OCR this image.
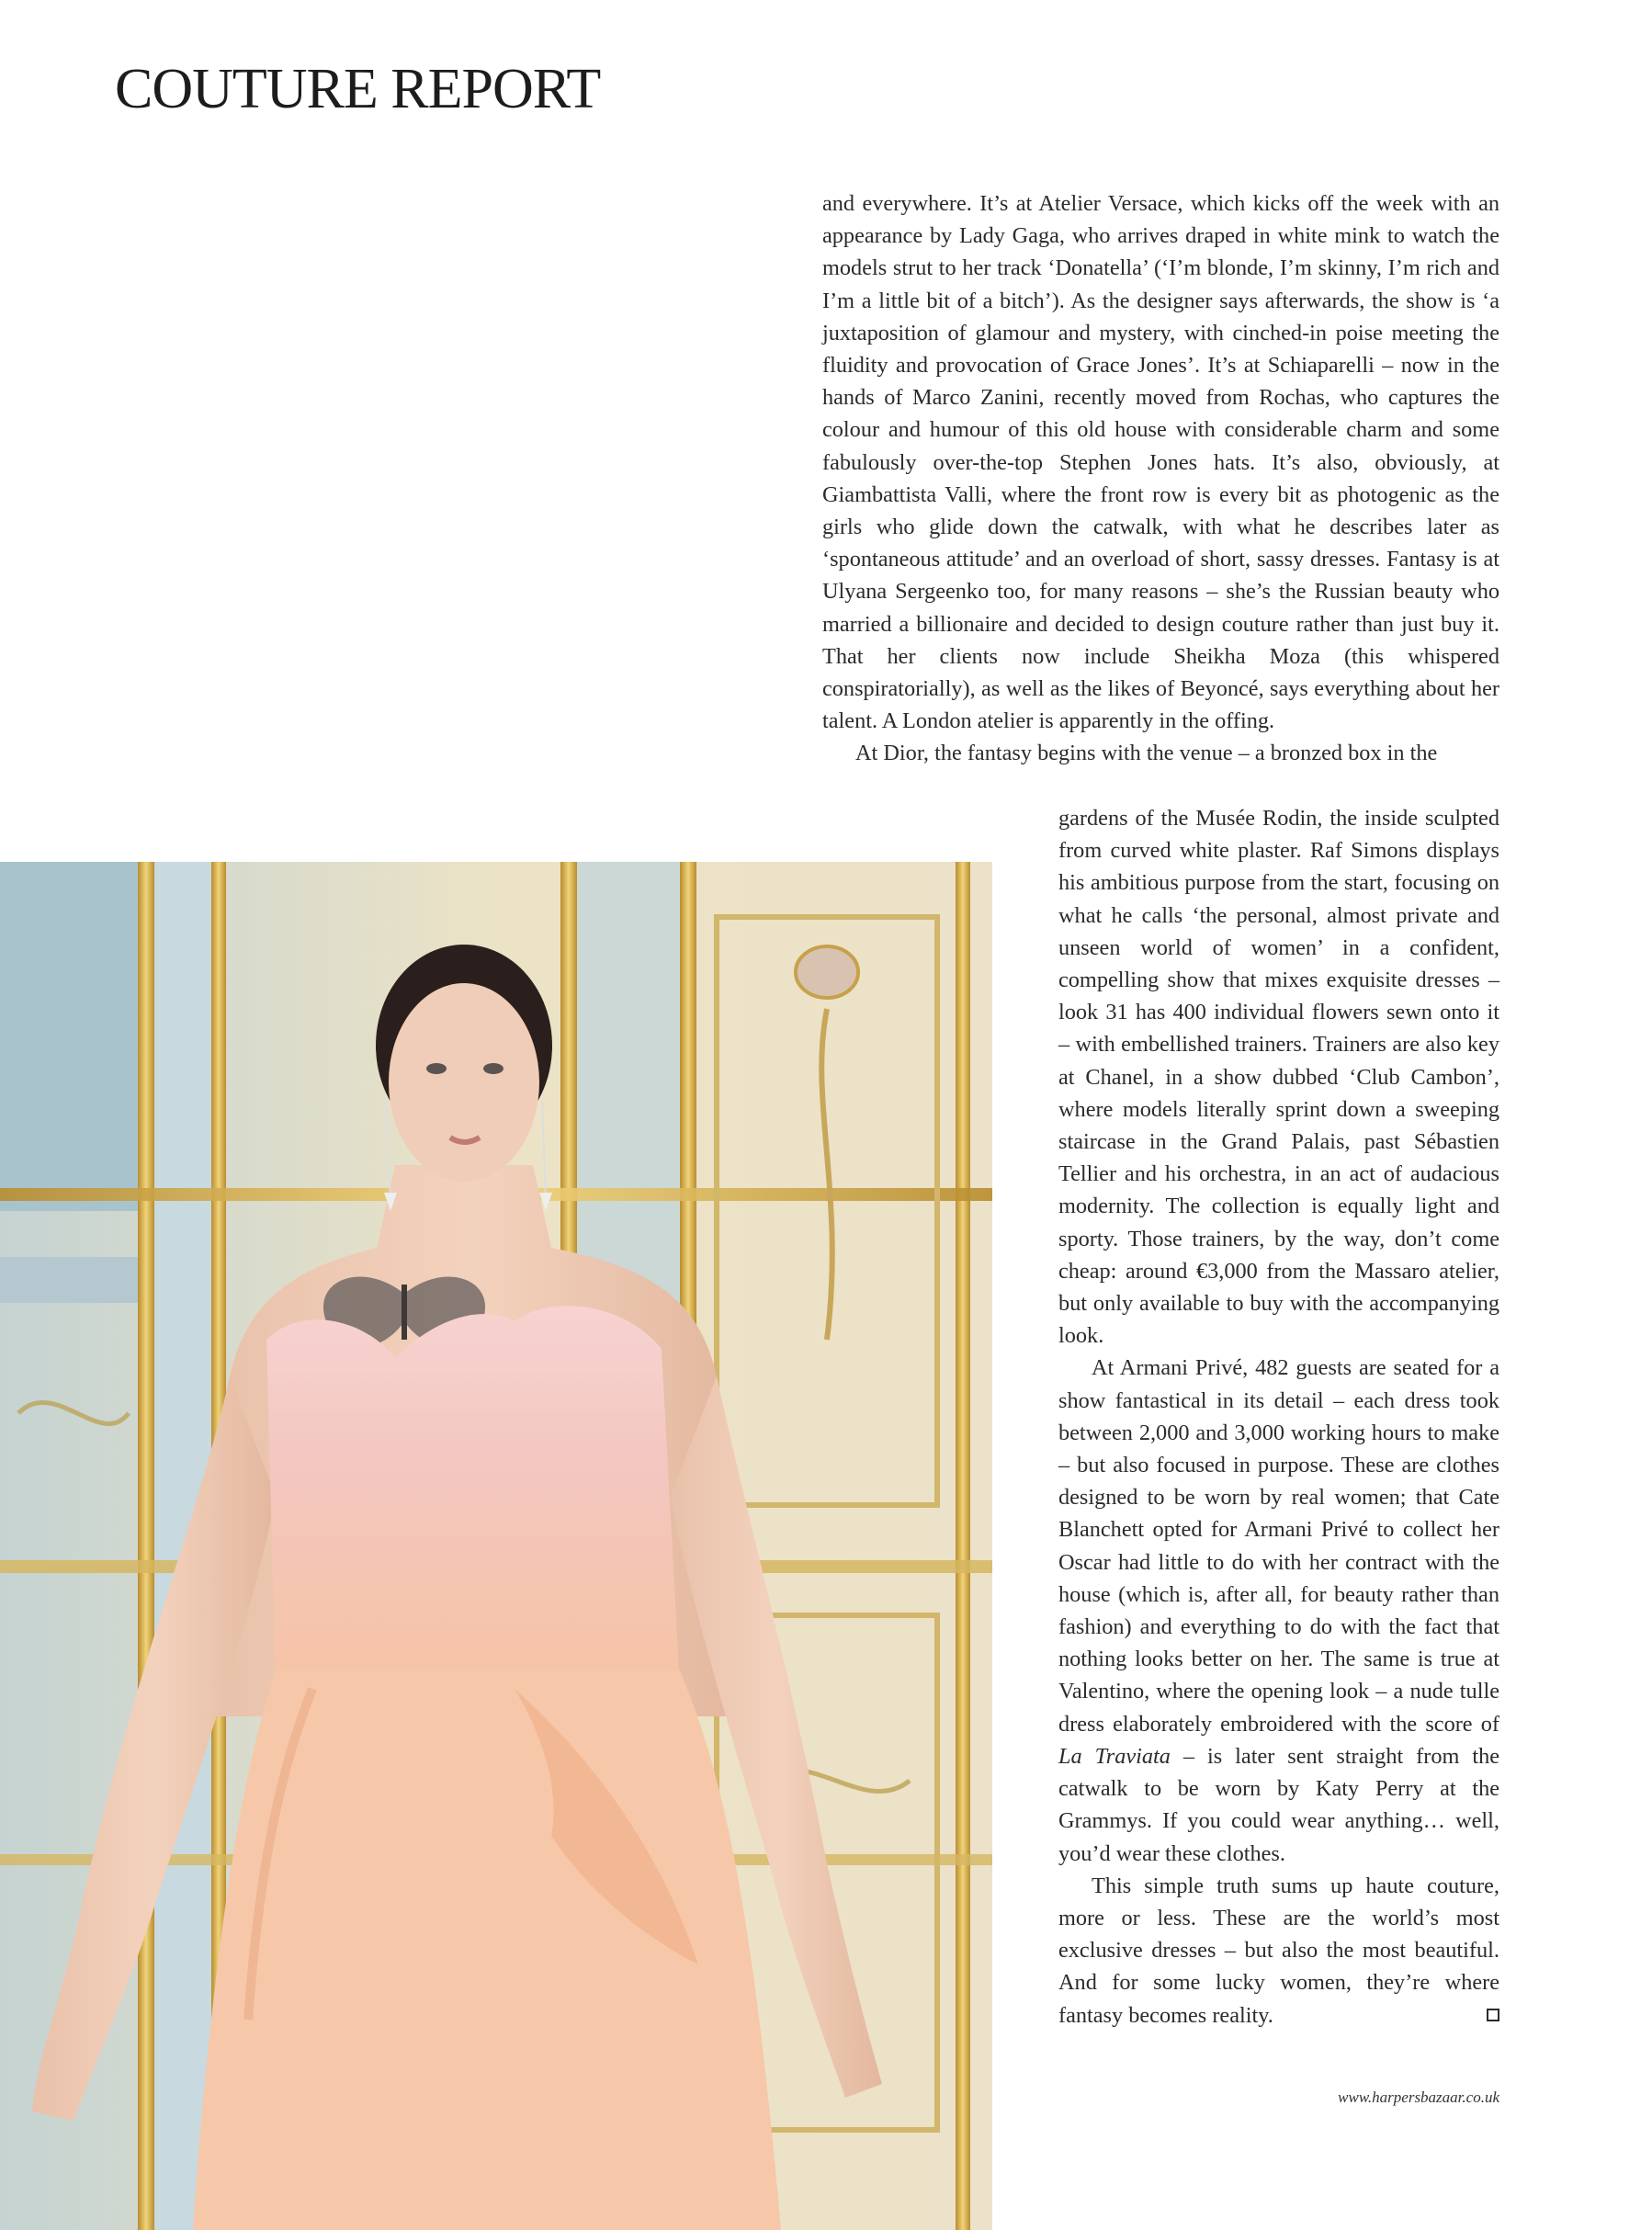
COUTURE REPORT

and everywhere. It’s at Atelier Versace, which kicks off the week with an appearance by Lady Gaga, who arrives draped in white mink to watch the models strut to her track ‘Donatella’ (‘I’m blonde, I’m skinny, I’m rich and I’m a little bit of a bitch’). As the designer says afterwards, the show is ‘a juxtaposition of glamour and mystery, with cinched-in poise meeting the fluidity and provocation of Grace Jones’. It’s at Schiaparelli – now in the hands of Marco Zanini, recently moved from Rochas, who captures the colour and humour of this old house with considerable charm and some fabulously over-the-top Stephen Jones hats. It’s also, obviously, at Giambattista Valli, where the front row is every bit as photogenic as the girls who glide down the catwalk, with what he describes later as ‘spontaneous attitude’ and an overload of short, sassy dresses. Fantasy is at Ulyana Sergeenko too, for many reasons – she’s the Russian beauty who married a billionaire and decided to design couture rather than just buy it. That her clients now include Sheikha Moza (this whispered conspiratorially), as well as the likes of Beyoncé, says everything about her talent. A London atelier is apparently in the offing.

At Dior, the fantasy begins with the venue – a bronzed box in the

gardens of the Musée Rodin, the inside sculpted from curved white plaster. Raf Simons displays his ambitious purpose from the start, focusing on what he calls ‘the personal, almost private and unseen world of women’ in a confident, compelling show that mixes exquisite dresses – look 31 has 400 individual flowers sewn onto it – with embellished trainers. Trainers are also key at Chanel, in a show dubbed ‘Club Cambon’, where models literally sprint down a sweeping staircase in the Grand Palais, past Sébastien Tellier and his orchestra, in an act of audacious modernity. The collection is equally light and sporty. Those trainers, by the way, don’t come cheap: around €3,000 from the Massaro atelier, but only available to buy with the accompanying look.

At Armani Privé, 482 guests are seated for a show fantastical in its detail – each dress took between 2,000 and 3,000 working hours to make – but also focused in purpose. These are clothes designed to be worn by real women; that Cate Blanchett opted for Armani Privé to collect her Oscar had little to do with her contract with the house (which is, after all, for beauty rather than fashion) and everything to do with the fact that nothing looks better on her. The same is true at Valentino, where the opening look – a nude tulle dress elaborately embroidered with the score of La Traviata – is later sent straight from the catwalk to be worn by Katy Perry at the Grammys. If you could wear anything… well, you’d wear these clothes.

This simple truth sums up haute couture, more or less. These are the world’s most exclusive dresses – but also the most beautiful. And for some lucky women, they’re where fantasy becomes reality.

www.harpersbazaar.co.uk
